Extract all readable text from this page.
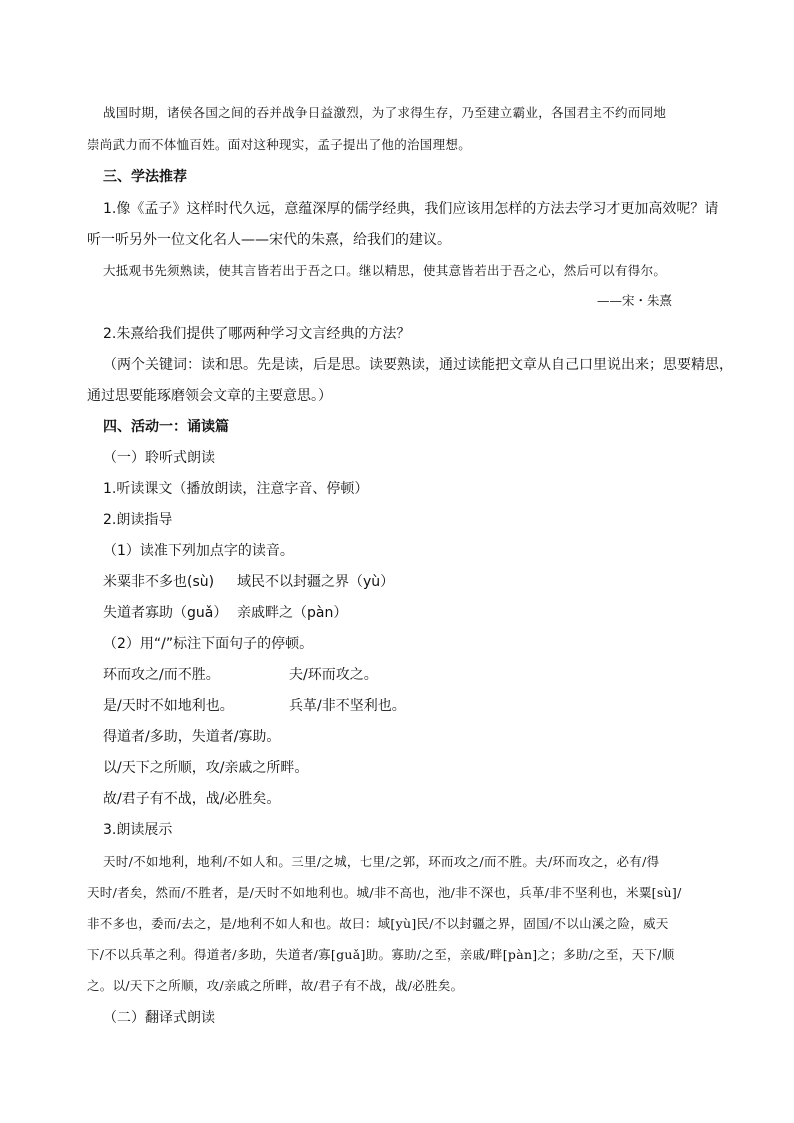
战国时期，诸侯各国之间的吞并战争日益激烈，为了求得生存，乃至建立霸业，各国君主不约而同地
崇尚武力而不体恤百姓。面对这种现实，孟子提出了他的治国理想。
三、学法推荐
1.像《孟子》这样时代久远，意蕴深厚的儒学经典，我们应该用怎样的方法去学习才更加高效呢？请
听一听另外一位文化名人——宋代的朱熹，给我们的建议。
大抵观书先须熟读，使其言皆若出于吾之口。继以精思，使其意皆若出于吾之心，然后可以有得尔。
——宋・朱熹
2.朱熹给我们提供了哪两种学习文言经典的方法？
（两个关键词：读和思。先是读，后是思。读要熟读，通过读能把文章从自己口里说出来；思要精思，
通过思要能琢磨领会文章的主要意思。）
四、活动一：诵读篇
（一）聆听式朗读
1.听读课文（播放朗读，注意字音、停顿）
2.朗读指导
（1）读准下列加点字的读音。
米粟非不多也(sù) 域民不以封疆之界（yù）
失道者寡助（guǎ） 亲戚畔之（pàn）
（2）用“/”标注下面句子的停顿。
环而攻之/而不胜。	夫/环而攻之。
是/天时不如地利也。	兵革/非不坚利也。
得道者/多助，失道者/寡助。
以/天下之所顺，攻/亲戚之所畔。
故/君子有不战，战/必胜矣。
3.朗读展示
天时/不如地利，地利/不如人和。三里/之城，七里/之郭，环而攻之/而不胜。夫/环而攻之，必有/得
天时/者矣，然而/不胜者，是/天时不如地利也。城/非不高也，池/非不深也，兵革/非不坚利也，米粟[sù]/
非不多也，委而/去之，是/地利不如人和也。故曰：域[yù]民/不以封疆之界，固国/不以山溪之险，威天
下/不以兵革之利。得道者/多助，失道者/寡[guǎ]助。寡助/之至，亲戚/畔[pàn]之；多助/之至，天下/顺
之。以/天下之所顺，攻/亲戚之所畔，故/君子有不战，战/必胜矣。
（二）翻译式朗读
